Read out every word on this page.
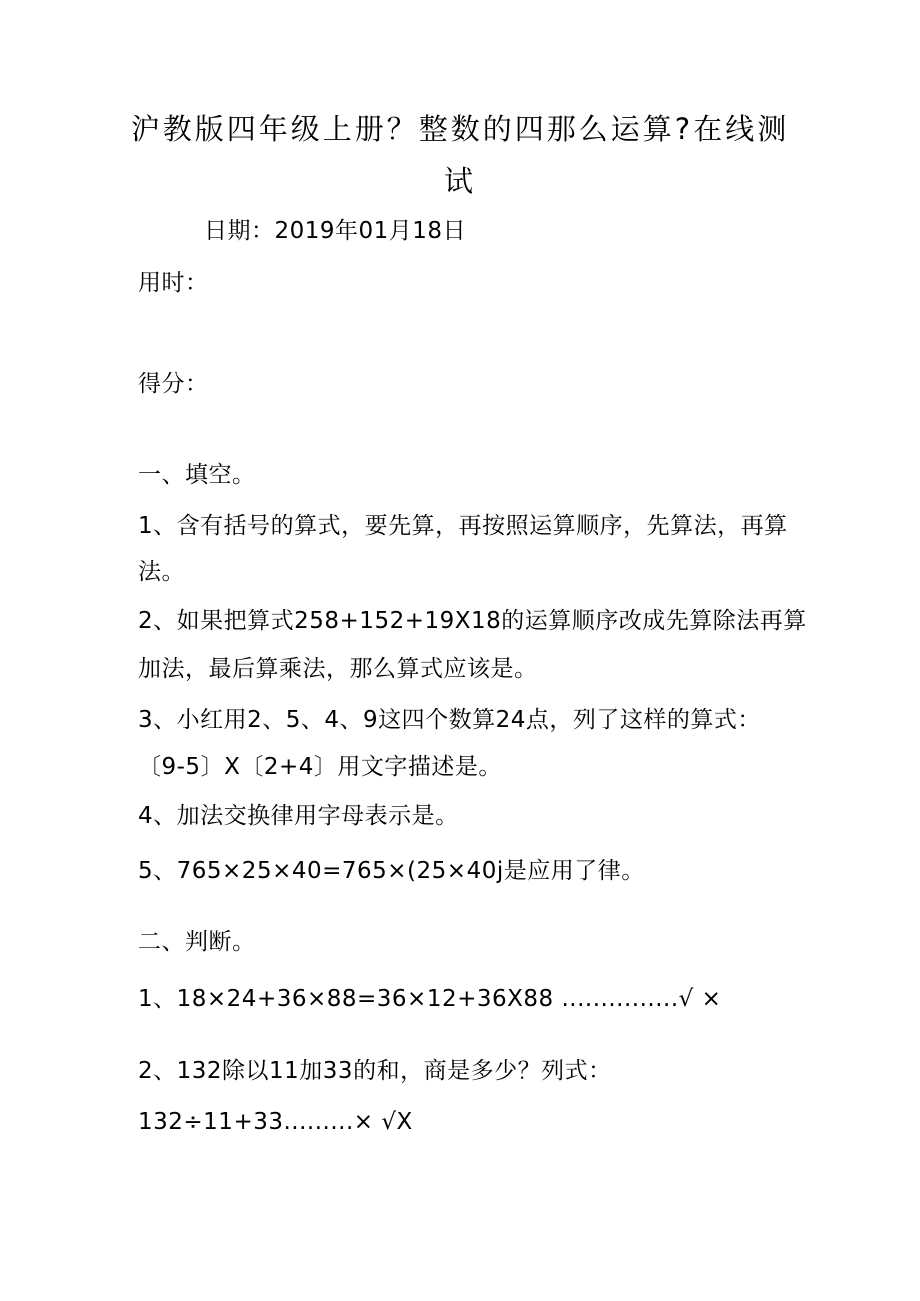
沪教版四年级上册？整数的四那么运算?在线测
试
日期：2019年01月18日
用时：
得分：
一、填空。
1、含有括号的算式，要先算，再按照运算顺序，先算法，再算
法。
2、如果把算式258+152+19X18的运算顺序改成先算除法再算
加法，最后算乘法，那么算式应该是。
3、小红用2、5、4、9这四个数算24点，列了这样的算式：
〔9-5〕X〔2+4〕用文字描述是。
4、加法交换律用字母表示是。
5、765×25×40=765×(25×40j是应用了律。
二、判断。
1、18×24+36×88=36×12+36X88 ...............√ ×
2、132除以11加33的和，商是多少？列式：
132÷11+33.........× √X
